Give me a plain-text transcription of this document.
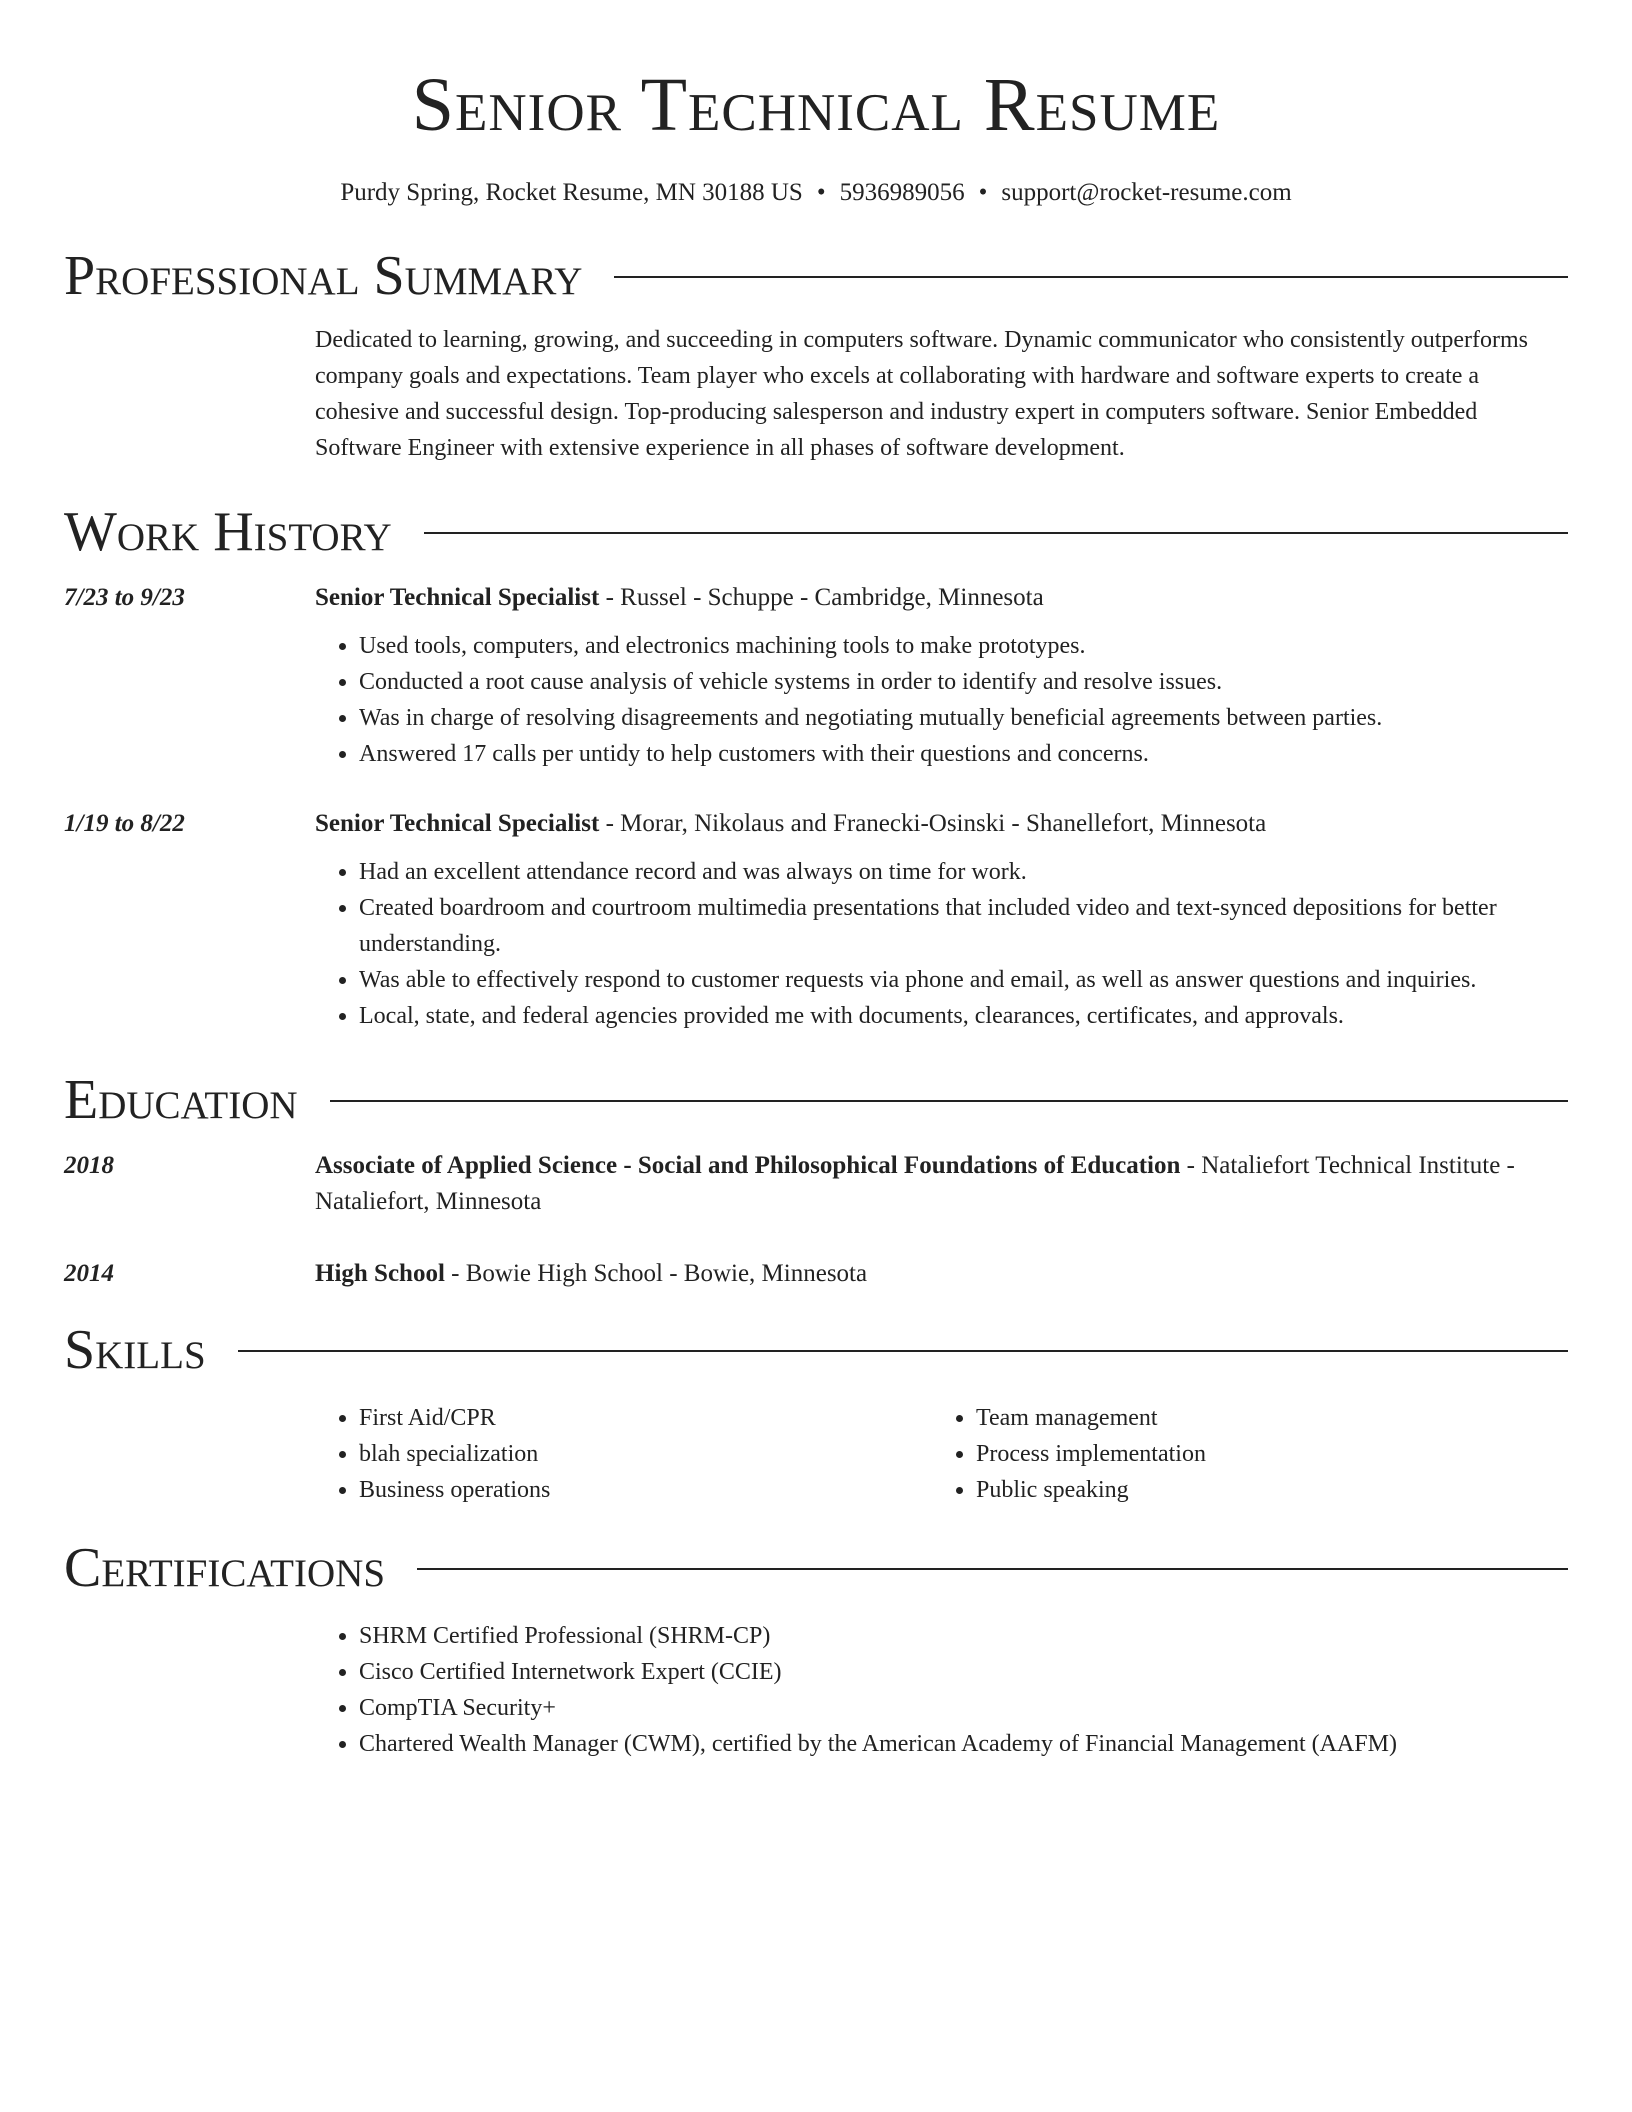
Senior Technical Resume
Purdy Spring, Rocket Resume, MN 30188 US • 5936989056 • support@rocket-resume.com
Professional Summary
Dedicated to learning, growing, and succeeding in computers software. Dynamic communicator who consistently outperforms company goals and expectations. Team player who excels at collaborating with hardware and software experts to create a cohesive and successful design. Top-producing salesperson and industry expert in computers software. Senior Embedded Software Engineer with extensive experience in all phases of software development.
Work History
7/23 to 9/23	Senior Technical Specialist - Russel - Schuppe - Cambridge, Minnesota
• Used tools, computers, and electronics machining tools to make prototypes.
• Conducted a root cause analysis of vehicle systems in order to identify and resolve issues.
• Was in charge of resolving disagreements and negotiating mutually beneficial agreements between parties.
• Answered 17 calls per untidy to help customers with their questions and concerns.
1/19 to 8/22	Senior Technical Specialist - Morar, Nikolaus and Franecki-Osinski - Shanellefort, Minnesota
• Had an excellent attendance record and was always on time for work.
• Created boardroom and courtroom multimedia presentations that included video and text-synced depositions for better understanding.
• Was able to effectively respond to customer requests via phone and email, as well as answer questions and inquiries.
• Local, state, and federal agencies provided me with documents, clearances, certificates, and approvals.
Education
2018	Associate of Applied Science - Social and Philosophical Foundations of Education - Nataliefort Technical Institute - Nataliefort, Minnesota
2014	High School - Bowie High School - Bowie, Minnesota
Skills
• First Aid/CPR
• blah specialization
• Business operations
• Team management
• Process implementation
• Public speaking
Certifications
• SHRM Certified Professional (SHRM-CP)
• Cisco Certified Internetwork Expert (CCIE)
• CompTIA Security+
• Chartered Wealth Manager (CWM), certified by the American Academy of Financial Management (AAFM)
